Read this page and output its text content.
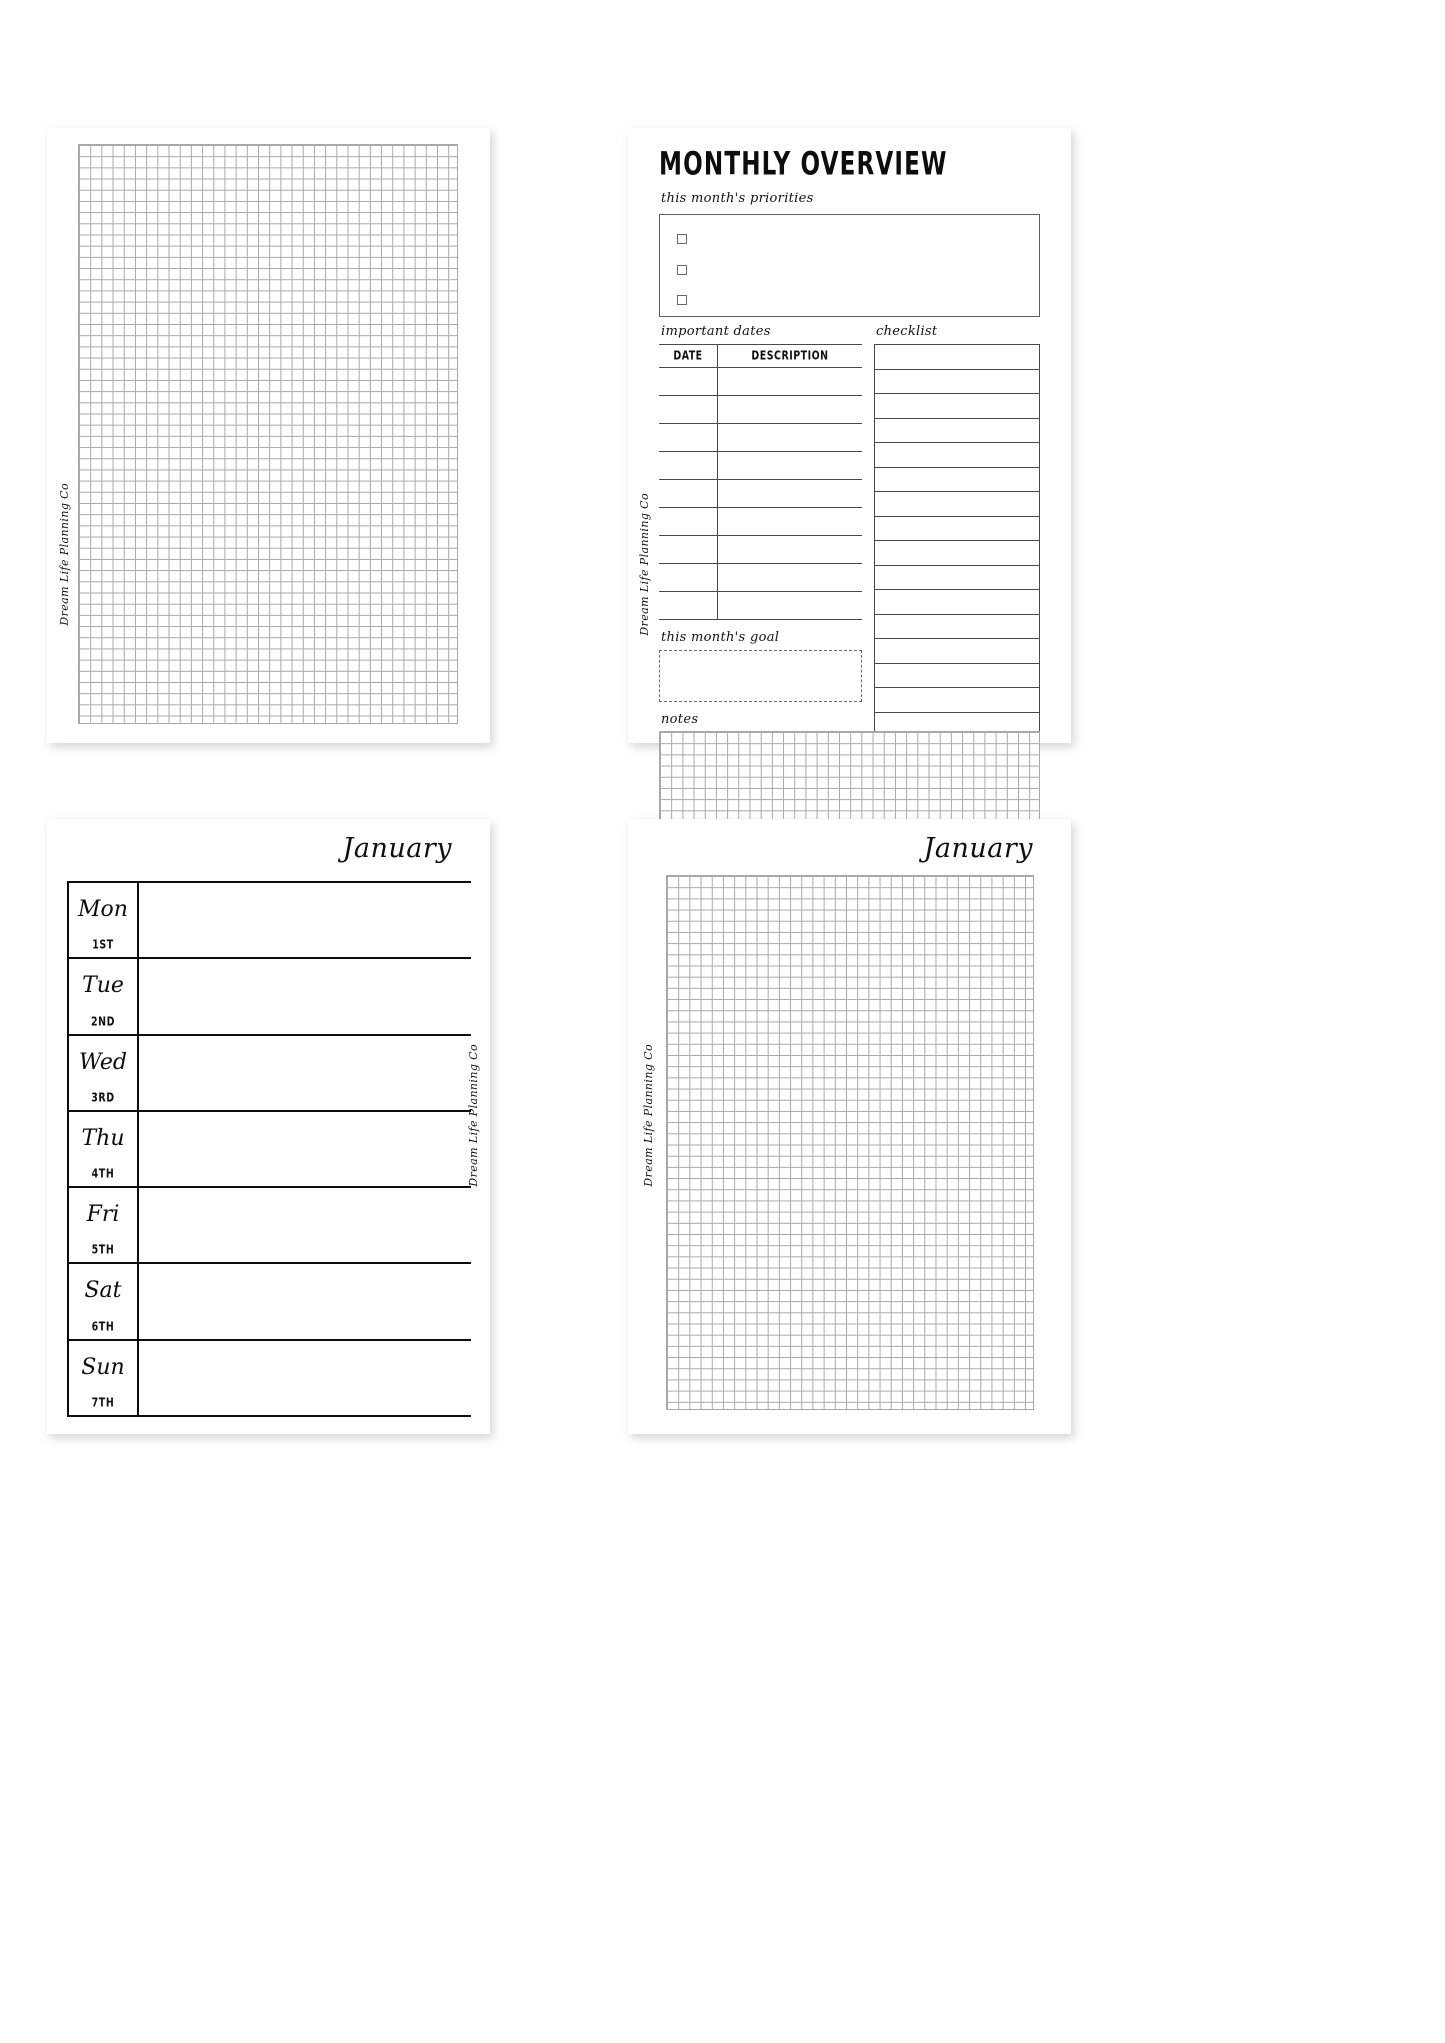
Dream Life Planning Co
MONTHLY OVERVIEW
Dream Life Planning Co
this month's priorities
important dates
DATE	DESCRIPTION
checklist
this month's goal
notes
January
Dream Life Planning Co
Mon
1ST
Tue
2ND
Wed
3RD
Thu
4TH
Fri
5TH
Sat
6TH
Sun
7TH
January
Dream Life Planning Co
